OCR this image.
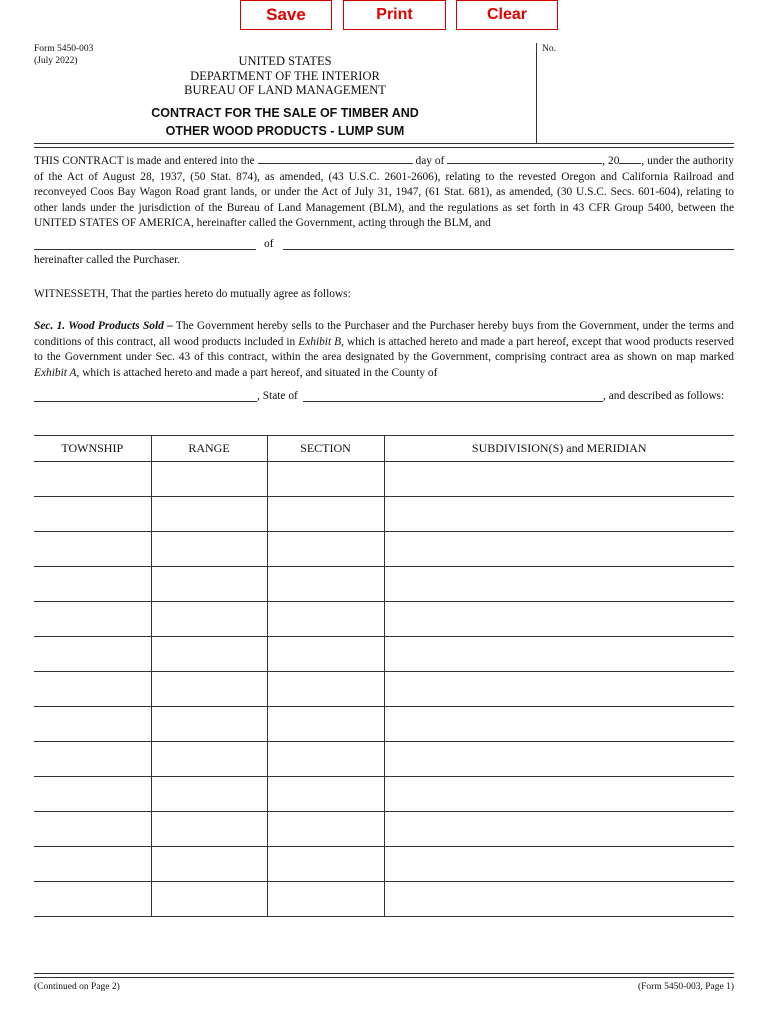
Save	Print	Clear
Form 5450-003
(July 2022)
No.
UNITED STATES
DEPARTMENT OF THE INTERIOR
BUREAU OF LAND MANAGEMENT
CONTRACT FOR THE SALE OF TIMBER AND
OTHER WOOD PRODUCTS - LUMP SUM

THIS CONTRACT is made and entered into the	day of	, 20 , under the authority of the Act of August 28, 1937, (50 Stat. 874), as amended, (43 U.S.C. 2601-2606), relating to the revested Oregon and California Railroad and reconveyed Coos Bay Wagon Road grant lands, or under the Act of July 31, 1947, (61 Stat. 681), as amended, (30 U.S.C. Secs. 601-604), relating to other lands under the jurisdiction of the Bureau of Land Management (BLM), and the regulations as set forth in 43 CFR Group 5400, between the UNITED STATES OF AMERICA, hereinafter called the Government, acting through the BLM, and

of
hereinafter called the Purchaser.
WITNESSETH, That the parties hereto do mutually agree as follows:

Sec. 1. Wood Products Sold – The Government hereby sells to the Purchaser and the Purchaser hereby buys from the Government, under the terms and conditions of this contract, all wood products included in Exhibit B, which is attached hereto and made a part hereof, except that wood products reserved to the Government under Sec. 43 of this contract, within the area designated by the Government, comprising contract area as shown on map marked Exhibit A, which is attached hereto and made a part hereof, and situated in the County of

, State of	, and described as follows:
TOWNSHIP	RANGE	SECTION	SUBDIVISION(S) and MERIDIAN

(Continued on Page 2)	(Form 5450-003, Page 1)
